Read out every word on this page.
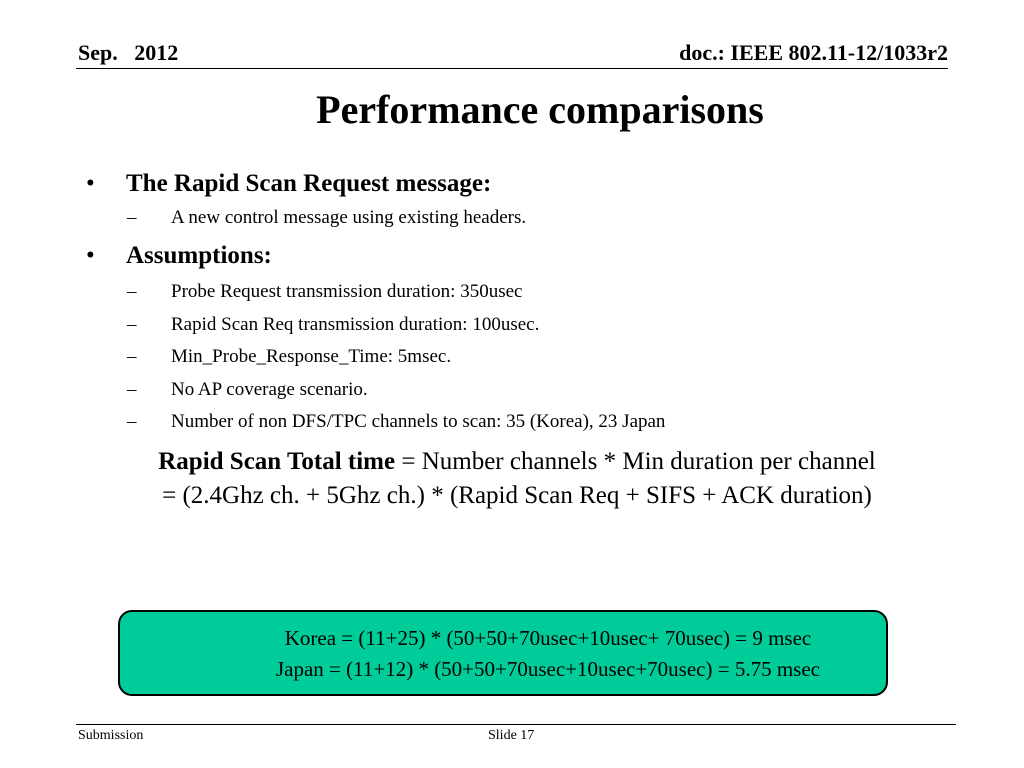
Sep.   2012	doc.: IEEE 802.11-12/1033r2
Performance comparisons
• The Rapid Scan Request message:
– A new control message using existing headers.
• Assumptions:
– Probe Request transmission duration: 350usec
– Rapid Scan Req transmission duration: 100usec.
– Min_Probe_Response_Time: 5msec.
– No AP coverage scenario.
– Number of non DFS/TPC channels to scan: 35 (Korea), 23 Japan
Rapid Scan Total time = Number channels * Min duration per channel
= (2.4Ghz ch. + 5Ghz ch.) * (Rapid Scan Req + SIFS + ACK duration)
Korea = (11+25) * (50+50+70usec+10usec+ 70usec) = 9 msec
Japan = (11+12) * (50+50+70usec+10usec+70usec) = 5.75 msec
Submission	Slide 17
